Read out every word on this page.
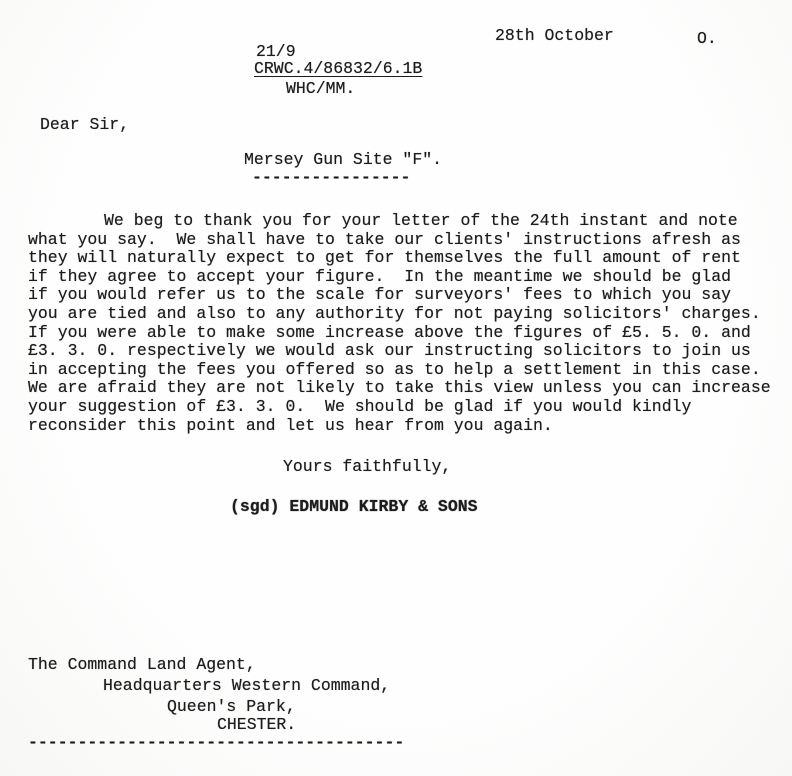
28th October	O.
21/9
CRWC.4/86832/6.1B
WHC/MM.
Dear Sir,
Mersey Gun Site "F".
----------------
We beg to thank you for your letter of the 24th instant and note
what you say.  We shall have to take our clients' instructions afresh as
they will naturally expect to get for themselves the full amount of rent
if they agree to accept your figure.  In the meantime we should be glad
if you would refer us to the scale for surveyors' fees to which you say
you are tied and also to any authority for not paying solicitors' charges.
If you were able to make some increase above the figures of £5. 5. 0. and
£3. 3. 0. respectively we would ask our instructing solicitors to join us
in accepting the fees you offered so as to help a settlement in this case.
We are afraid they are not likely to take this view unless you can increase
your suggestion of £3. 3. 0.  We should be glad if you would kindly
reconsider this point and let us hear from you again.
Yours faithfully,
(sgd) EDMUND KIRBY & SONS
The Command Land Agent,
Headquarters Western Command,
Queen's Park,
CHESTER.
--------------------------------------
